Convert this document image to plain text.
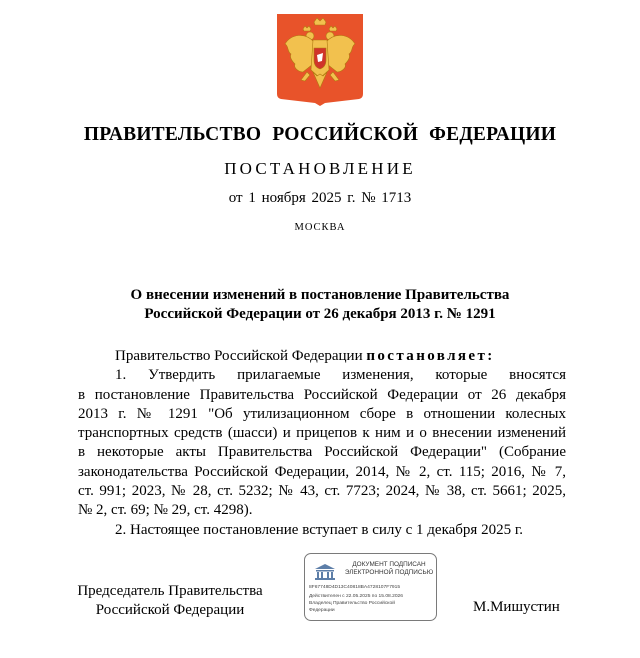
ПРАВИТЕЛЬСТВО РОССИЙСКОЙ ФЕДЕРАЦИИ
ПОСТАНОВЛЕНИЕ
от 1 ноября 2025 г. № 1713
МОСКВА
О внесении изменений в постановление Правительства
Российской Федерации от 26 декабря 2013 г. № 1291
Правительство Российской Федерации постановляет:
1. Утвердить прилагаемые изменения, которые вносятся
в постановление Правительства Российской Федерации от 26 декабря
2013 г. № 1291 "Об утилизационном сборе в отношении колесных
транспортных средств (шасси) и прицепов к ним и о внесении изменений
в некоторые акты Правительства Российской Федерации" (Собрание
законодательства Российской Федерации, 2014, № 2, ст. 115; 2016, № 7,
ст. 991; 2023, № 28, ст. 5232; № 43, ст. 7723; 2024, № 38, ст. 5661; 2025,
№ 2, ст. 69; № 29, ст. 4298).
2. Настоящее постановление вступает в силу с 1 декабря 2025 г.
Председатель Правительства
Российской Федерации
ДОКУМЕНТ ПОДПИСАН
ЭЛЕКТРОННОЙ ПОДПИСЬЮ
8F67748D4D13C40818BA4728107F7915
Действителен с 22.05.2025 по 15.08.2026
Владелец Правительство Российской
Федерации	М.Мишустин
